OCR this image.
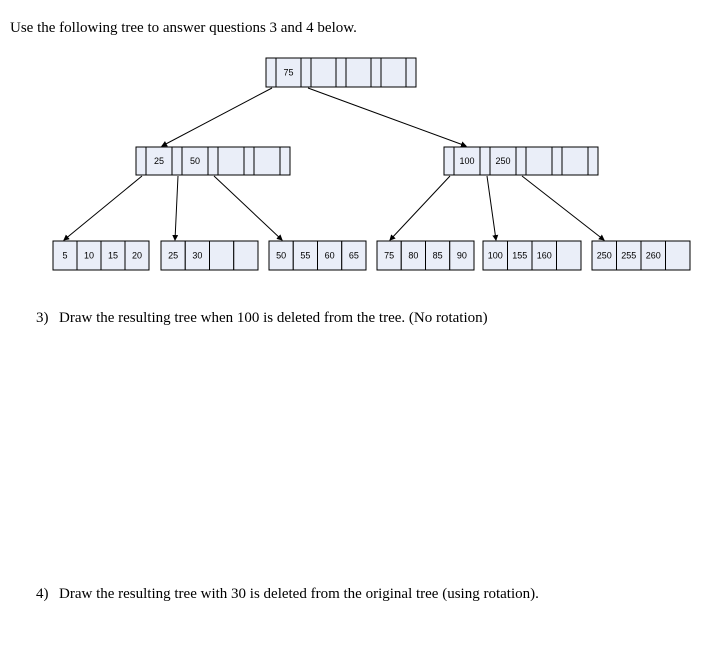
Use the following tree to answer questions 3 and 4 below.

75
25	50	100 250
5 10 15 20	25 30	50 55 60 65	75 80 85 90 100 155 160	250 255 260

3) Draw the resulting tree when 100 is deleted from the tree. (No rotation)

4) Draw the resulting tree with 30 is deleted from the original tree (using rotation).
